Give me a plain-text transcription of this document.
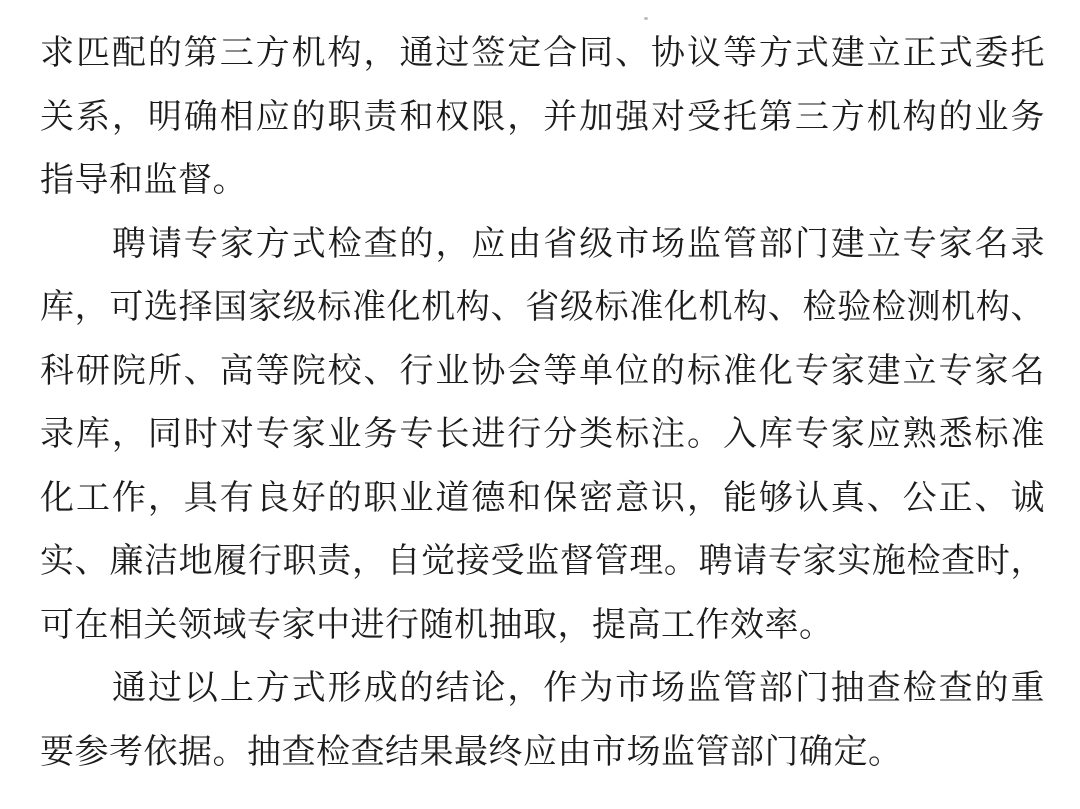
求匹配的第三方机构，通过签定合同、协议等方式建立正式委托
关系，明确相应的职责和权限，并加强对受托第三方机构的业务
指导和监督。
聘请专家方式检查的，应由省级市场监管部门建立专家名录
库，可选择国家级标准化机构、省级标准化机构、检验检测机构、
科研院所、高等院校、行业协会等单位的标准化专家建立专家名
录库，同时对专家业务专长进行分类标注。入库专家应熟悉标准
化工作，具有良好的职业道德和保密意识，能够认真、公正、诚
实、廉洁地履行职责，自觉接受监督管理。聘请专家实施检查时，
可在相关领域专家中进行随机抽取，提高工作效率。
通过以上方式形成的结论，作为市场监管部门抽查检查的重
要参考依据。抽查检查结果最终应由市场监管部门确定。
